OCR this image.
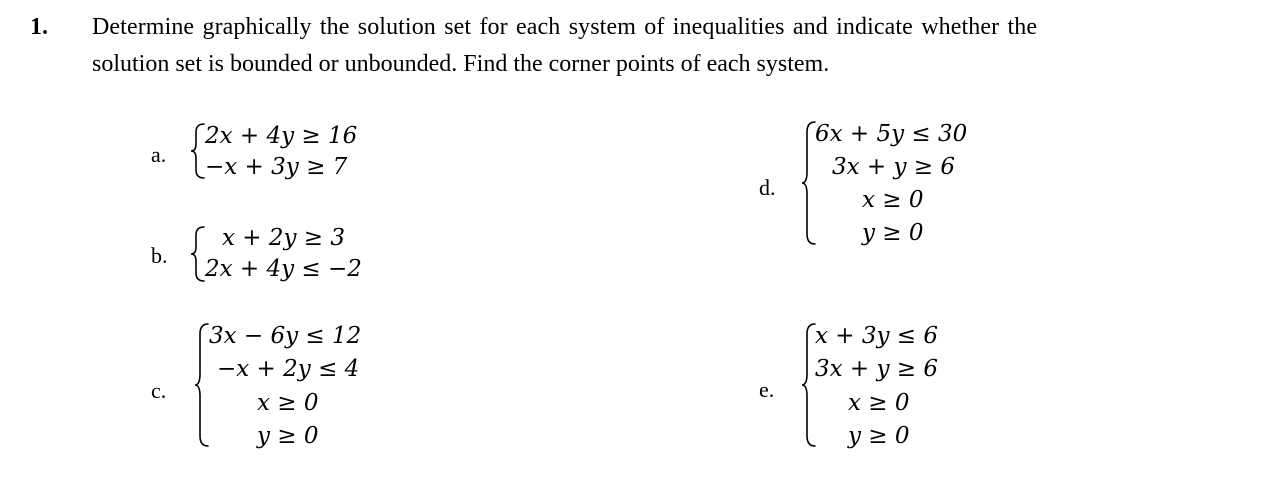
1. Determine graphically the solution set for each system of inequalities and indicate whether the
solution set is bounded or unbounded. Find the corner points of each system.
a.
2x + 4y ≥ 16
−x + 3y ≥ 7
b.
x + 2y ≥ 3
2x + 4y ≤ −2
c.
3x − 6y ≤ 12
−x + 2y ≤ 4
x ≥ 0
y ≥ 0
d.
6x + 5y ≤ 30
3x + y ≥ 6
x ≥ 0
y ≥ 0
e.
x + 3y ≤ 6
3x + y ≥ 6
x ≥ 0
y ≥ 0
